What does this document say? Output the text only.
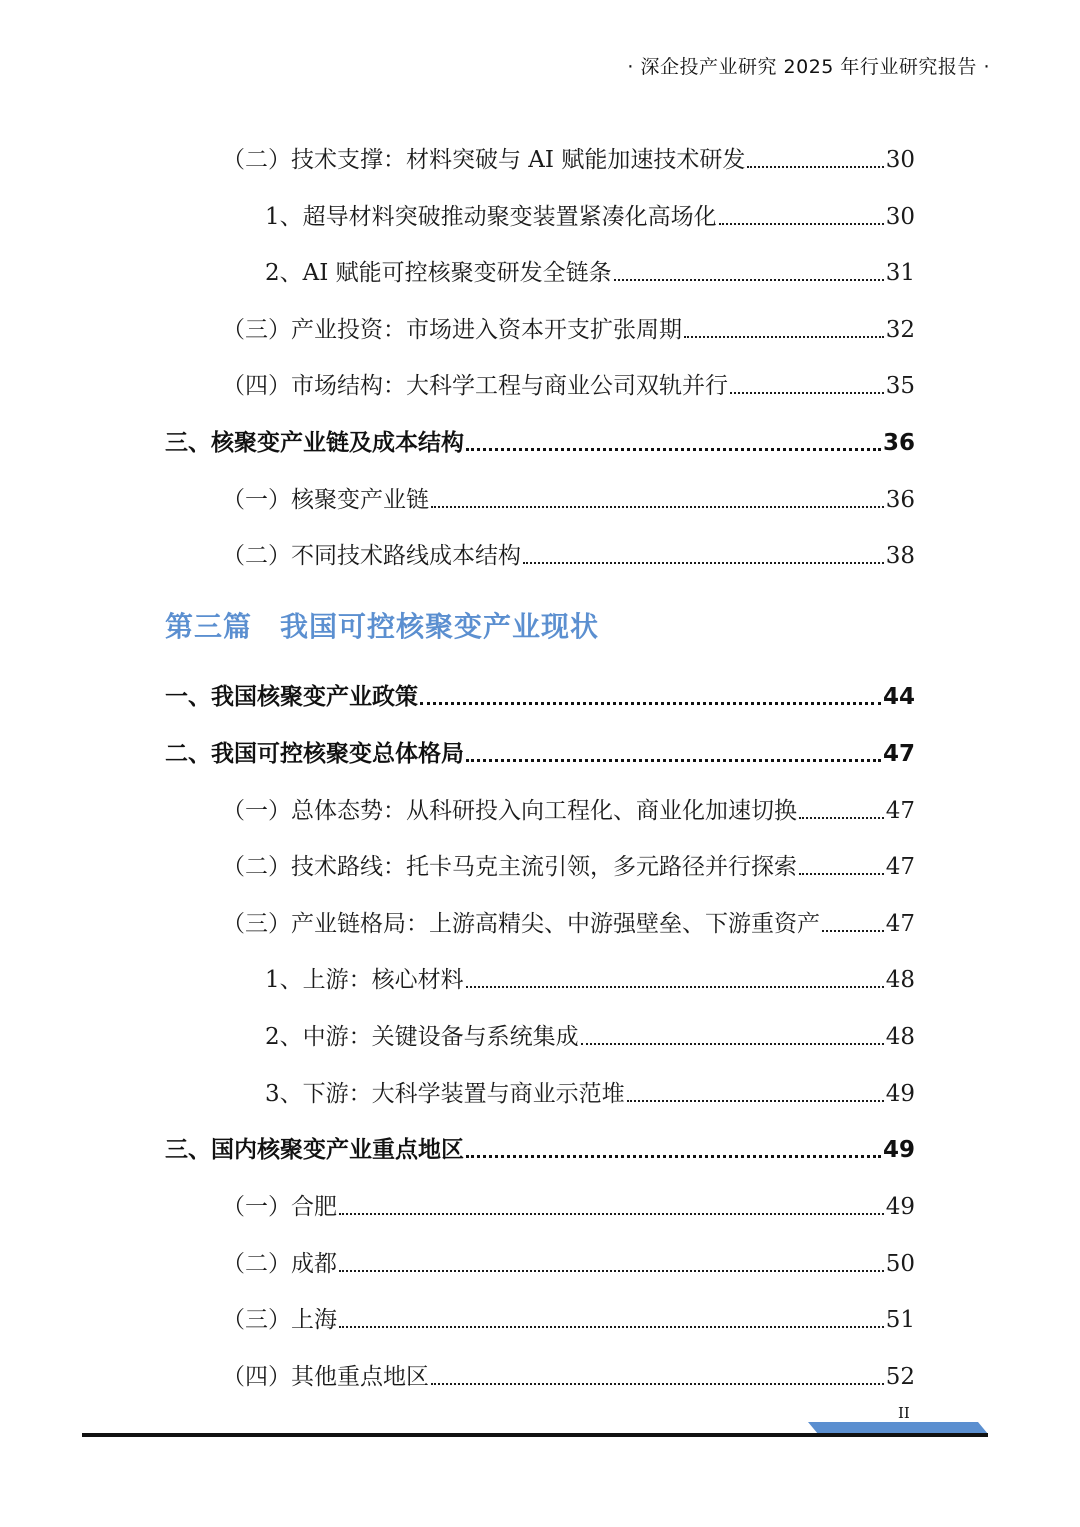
· 深企投产业研究 2025 年行业研究报告 ·
（二）技术支撑：材料突破与 AI 赋能加速技术研发	30
1、超导材料突破推动聚变装置紧凑化高场化	30
2、AI 赋能可控核聚变研发全链条	31
（三）产业投资：市场进入资本开支扩张周期	32
（四）市场结构：大科学工程与商业公司双轨并行	35
三、核聚变产业链及成本结构	36
（一）核聚变产业链	36
（二）不同技术路线成本结构	38
一、我国核聚变产业政策	44
二、我国可控核聚变总体格局	47
（一）总体态势：从科研投入向工程化、商业化加速切换	47
（二）技术路线：托卡马克主流引领，多元路径并行探索	47
（三）产业链格局：上游高精尖、中游强壁垒、下游重资产	47
1、上游：核心材料	48
2、中游：关键设备与系统集成	48
3、下游：大科学装置与商业示范堆	49
三、国内核聚变产业重点地区	49
（一）合肥	49
（二）成都	50
（三）上海	51
（四）其他重点地区	52
第三篇 我国可控核聚变产业现状
II
